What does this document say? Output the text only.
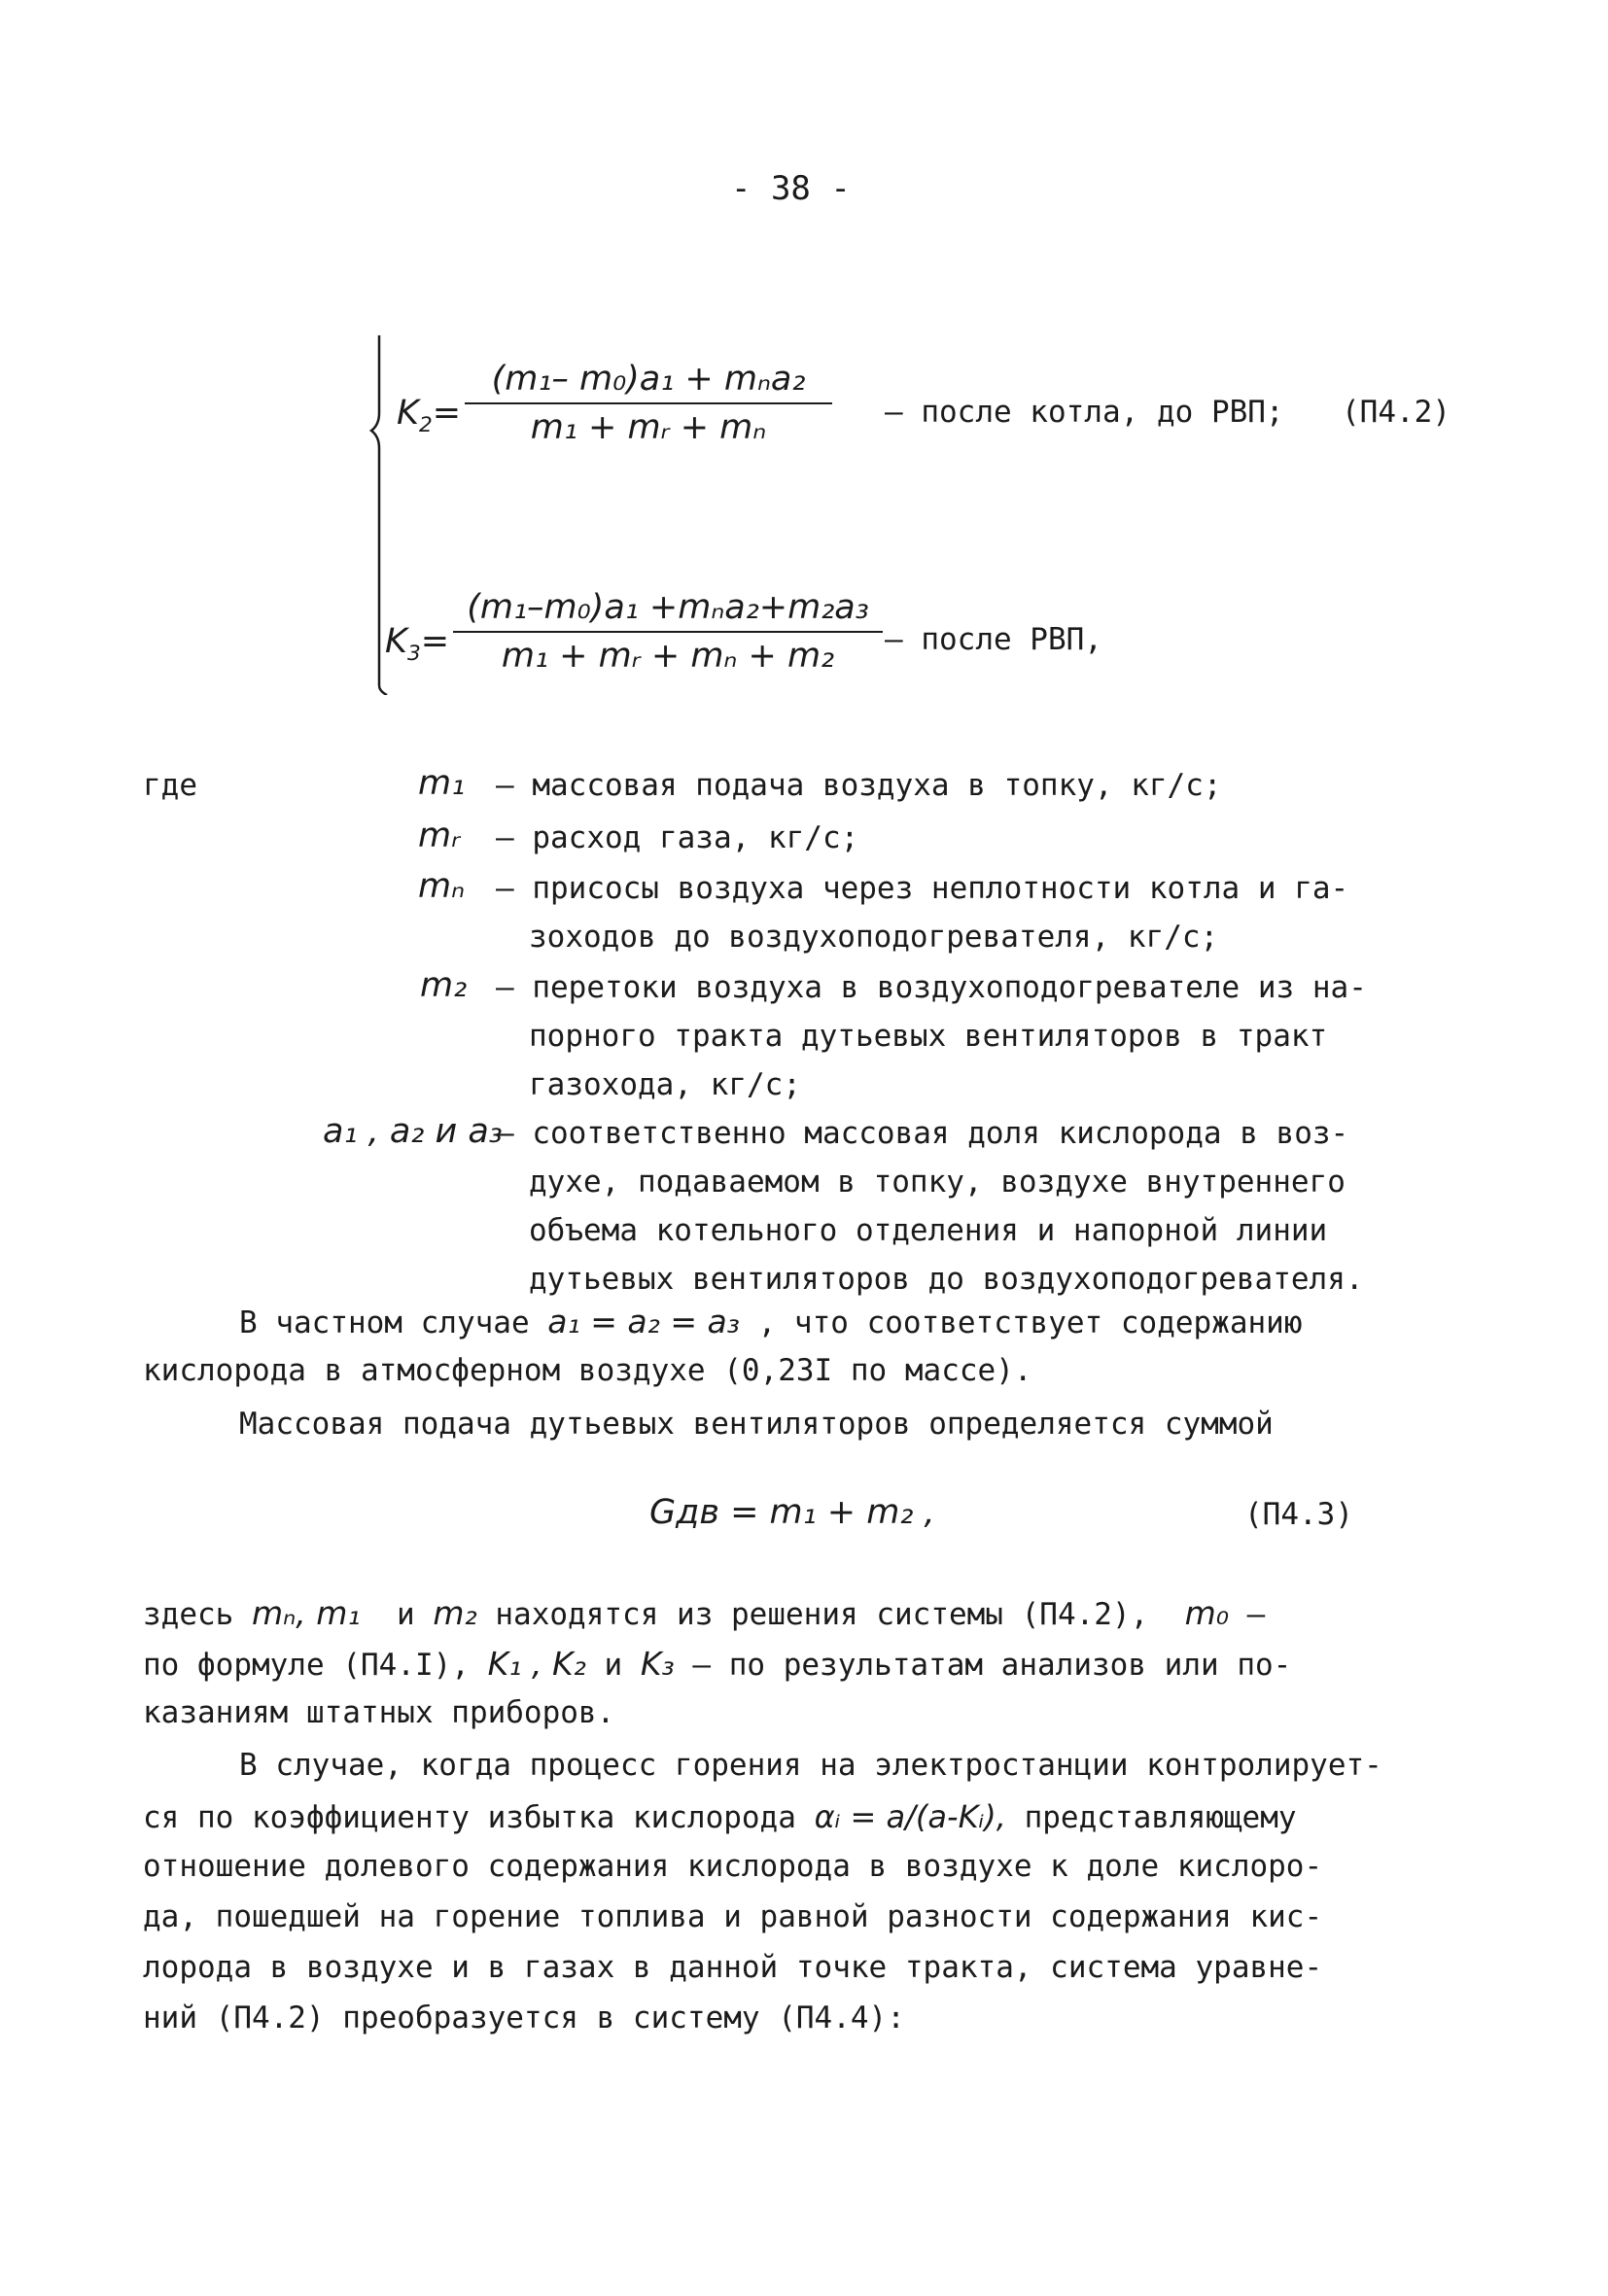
- 38 -
$K_2=$
(m₁– m₀)a₁ + mₙa₂
m₁ + mᵣ + mₙ	– после котла, до РВП; (П4.2)
$K_3=$
(m₁–m₀)a₁ +mₙa₂+m₂a₃
m₁ + mᵣ + mₙ + m₂ – после РВП,
где	m₁ – массовая подача воздуха в топку, кг/с;
mᵣ – расход газа, кг/с;
mₙ – присосы воздуха через неплотности котла и га-
зоходов до воздухоподогревателя, кг/с;
m₂ – перетоки воздуха в воздухоподогревателе из на-
порного тракта дутьевых вентиляторов в тракт
газохода, кг/с;
a₁ , a₂ и a₃
– соответственно массовая доля кислорода в воз-
духе, подаваемом в топку, воздухе внутреннего
объема котельного отделения и напорной линии
дутьевых вентиляторов до воздухоподогревателя.
В частном случае a₁ = a₂ = a₃ , что соответствует содержанию
кислорода в атмосферном воздухе (0,23I по массе).
Массовая подача дутьевых вентиляторов определяется суммой
Gдв = m₁ + m₂ ,	(П4.3)
здесь mₙ, m₁ и m₂ находятся из решения системы (П4.2), m₀ –
по формуле (П4.I), K₁ , K₂ и K₃ – по результатам анализов или по-
казаниям штатных приборов.
В случае, когда процесс горения на электростанции контролирует-
ся по коэффициенту избытка кислорода αᵢ = a/(a-Kᵢ), представляющему
отношение долевого содержания кислорода в воздухе к доле кислоро-
да, пошедшей на горение топлива и равной разности содержания кис-
лорода в воздухе и в газах в данной точке тракта, система уравне-
ний (П4.2) преобразуется в систему (П4.4):
